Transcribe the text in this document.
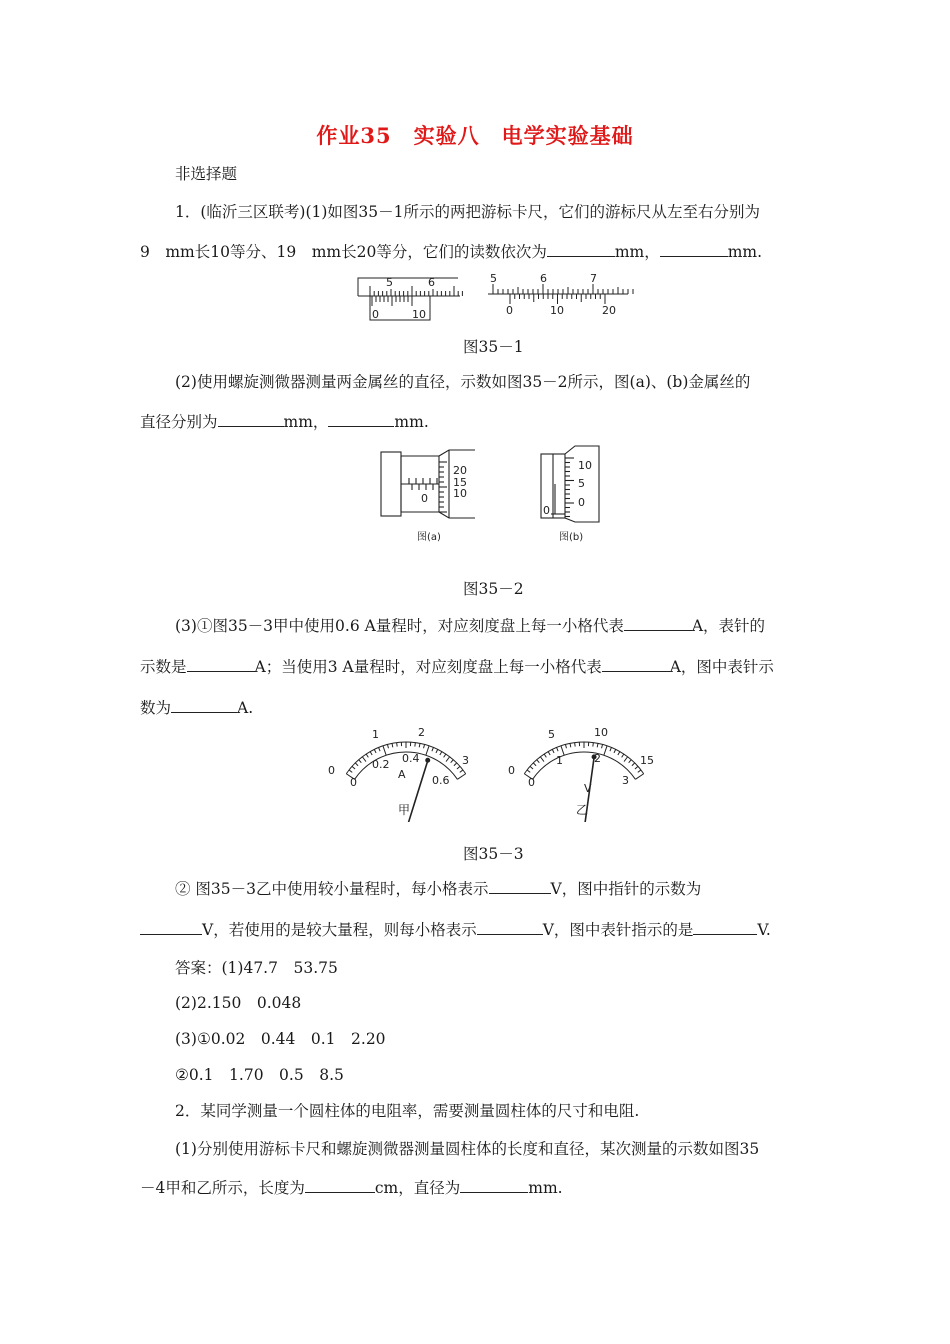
作业35　实验八　电学实验基础
非选择题
1．(临沂三区联考)(1)如图35－1所示的两把游标卡尺，它们的游标尺从左至右分别为
9　mm长10等分、19　mm长20等分，它们的读数依次为	mm，	mm.
5	6
0	10
5	6	7
0	10	20
图35－1
(2)使用螺旋测微器测量两金属丝的直径，示数如图35－2所示，图(a)、(b)金属丝的
直径分别为	mm，	mm.
20
15
10
0
图(a)
10
5
0
0
图(b)
图35－2
(3)①图35－3甲中使用0.6 A量程时，对应刻度盘上每一小格代表	A，表针的
示数是	A；当使用3 A量程时，对应刻度盘上每一小格代表	A，图中表针示
数为	A.
0
1	2
3
0
0.2 0.4
0.6
A
甲
0
5	10
15
0
1	2
3
V
乙
图35－3
② 图35－3乙中使用较小量程时，每小格表示	V，图中指针的示数为
V，若使用的是较大量程，则每小格表示	V，图中表针指示的是	V.
答案：(1)47.7　53.75
(2)2.150　0.048
(3)①0.02　0.44　0.1　2.20
②0.1　1.70　0.5　8.5
2．某同学测量一个圆柱体的电阻率，需要测量圆柱体的尺寸和电阻.
(1)分别使用游标卡尺和螺旋测微器测量圆柱体的长度和直径，某次测量的示数如图35
－4甲和乙所示，长度为	cm，直径为	mm.
